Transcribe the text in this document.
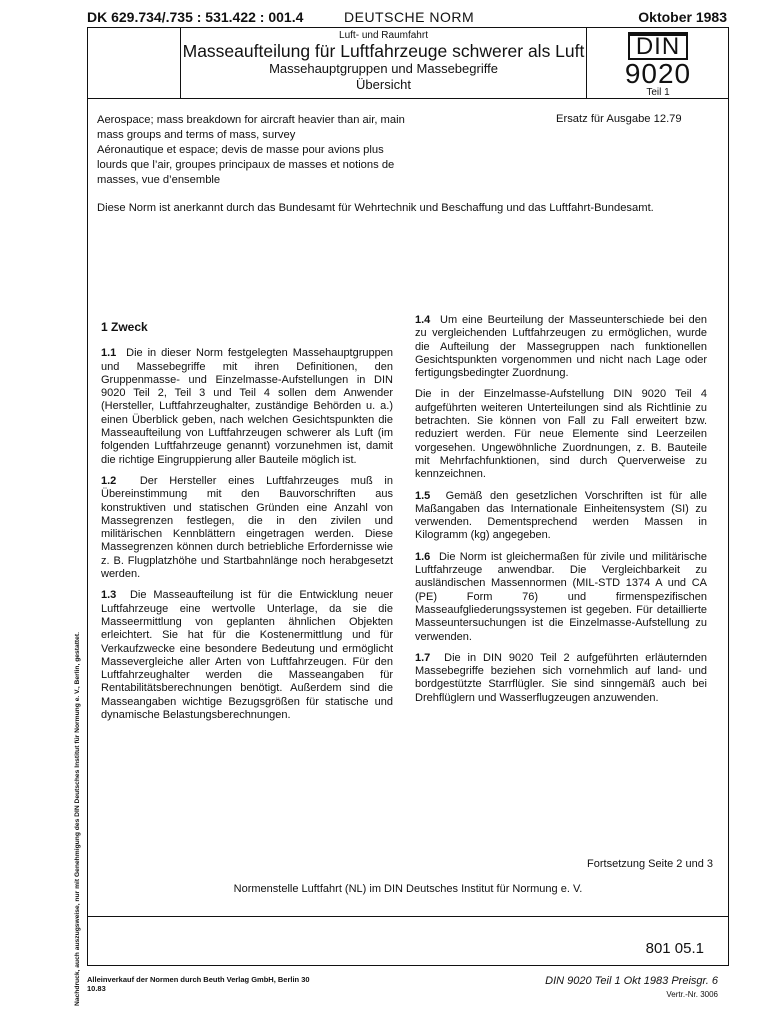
DK 629.734/.735 : 531.422 : 001.4	DEUTSCHE NORM	Oktober 1983
Luft- und Raumfahrt
Masseaufteilung für Luftfahrzeuge schwerer als Luft
Massehauptgruppen und Massebegriffe
Übersicht
DIN
9020
Teil 1
Aerospace; mass breakdown for aircraft heavier than air, main
mass groups and terms of mass, survey
Aéronautique et espace; devis de masse pour avions plus
lourds que l’air, groupes principaux de masses et notions de
masses, vue d’ensemble
Ersatz für Ausgabe 12.79
Diese Norm ist anerkannt durch das Bundesamt für Wehrtechnik und Beschaffung und das Luftfahrt-Bundesamt.
Nachdruck, auch auszugsweise, nur mit Genehmigung des DIN Deutsches Institut für Normung e. V., Berlin, gestattet.
1 Zweck

1.1 Die in dieser Norm festgelegten Massehauptgruppen und Massebegriffe mit ihren Definitionen, den Gruppenmasse- und Einzelmasse-Aufstellungen in DIN 9020 Teil 2, Teil 3 und Teil 4 sollen dem Anwender (Hersteller, Luftfahrzeughalter, zuständige Behörden u. a.) einen Überblick geben, nach welchen Gesichtspunkten die Masseaufteilung von Luftfahrzeugen schwerer als Luft (im folgenden Luftfahrzeuge genannt) vorzunehmen ist, damit die richtige Eingruppierung aller Bauteile möglich ist.

1.2 Der Hersteller eines Luftfahrzeuges muß in Übereinstimmung mit den Bauvorschriften aus konstruktiven und statischen Gründen eine Anzahl von Massegrenzen festlegen, die in den zivilen und militärischen Kennblättern eingetragen werden. Diese Massegrenzen können durch betriebliche Erfordernisse wie z. B. Flugplatzhöhe und Startbahnlänge noch herabgesetzt werden.

1.3 Die Masseaufteilung ist für die Entwicklung neuer Luftfahrzeuge eine wertvolle Unterlage, da sie die Masseermittlung von geplanten ähnlichen Objekten erleichtert. Sie hat für die Kostenermittlung und für Verkaufzwecke eine besondere Bedeutung und ermöglicht Massevergleiche aller Arten von Luftfahrzeugen. Für den Luftfahrzeughalter werden die Masseangaben für Rentabilitätsberechnungen benötigt. Außerdem sind die Masseangaben wichtige Bezugsgrößen für statische und dynamische Belastungsberechnungen.

1.4 Um eine Beurteilung der Masseunterschiede bei den zu vergleichenden Luftfahrzeugen zu ermöglichen, wurde die Aufteilung der Massegruppen nach funktionellen Gesichtspunkten vorgenommen und nicht nach Lage oder fertigungsbedingter Zuordnung.

Die in der Einzelmasse-Aufstellung DIN 9020 Teil 4 aufgeführten weiteren Unterteilungen sind als Richtlinie zu betrachten. Sie können von Fall zu Fall erweitert bzw. reduziert werden. Für neue Elemente sind Leerzeilen vorgesehen. Ungewöhnliche Zuordnungen, z. B. Bauteile mit Mehrfachfunktionen, sind durch Querverweise zu kennzeichnen.

1.5 Gemäß den gesetzlichen Vorschriften ist für alle Maßangaben das Internationale Einheitensystem (SI) zu verwenden. Dementsprechend werden Massen in Kilogramm (kg) angegeben.

1.6 Die Norm ist gleichermaßen für zivile und militärische Luftfahrzeuge anwendbar. Die Vergleichbarkeit zu ausländischen Massennormen (MIL-STD 1374 A und CA (PE) Form 76) und firmenspezifischen Masseaufgliederungssystemen ist gegeben. Für detaillierte Masseuntersuchungen ist die Einzelmasse-Aufstellung zu verwenden.

1.7 Die in DIN 9020 Teil 2 aufgeführten erläuternden Massebegriffe beziehen sich vornehmlich auf land- und bordgestützte Starrflügler. Sie sind sinngemäß auch bei Drehflüglern und Wasserflugzeugen anzuwenden.

Fortsetzung Seite 2 und 3
Normenstelle Luftfahrt (NL) im DIN Deutsches Institut für Normung e. V.
801 05.1
Alleinverkauf der Normen durch Beuth Verlag GmbH, Berlin 30
10.83
DIN 9020 Teil 1 Okt 1983 Preisgr. 6
Vertr.-Nr. 3006
